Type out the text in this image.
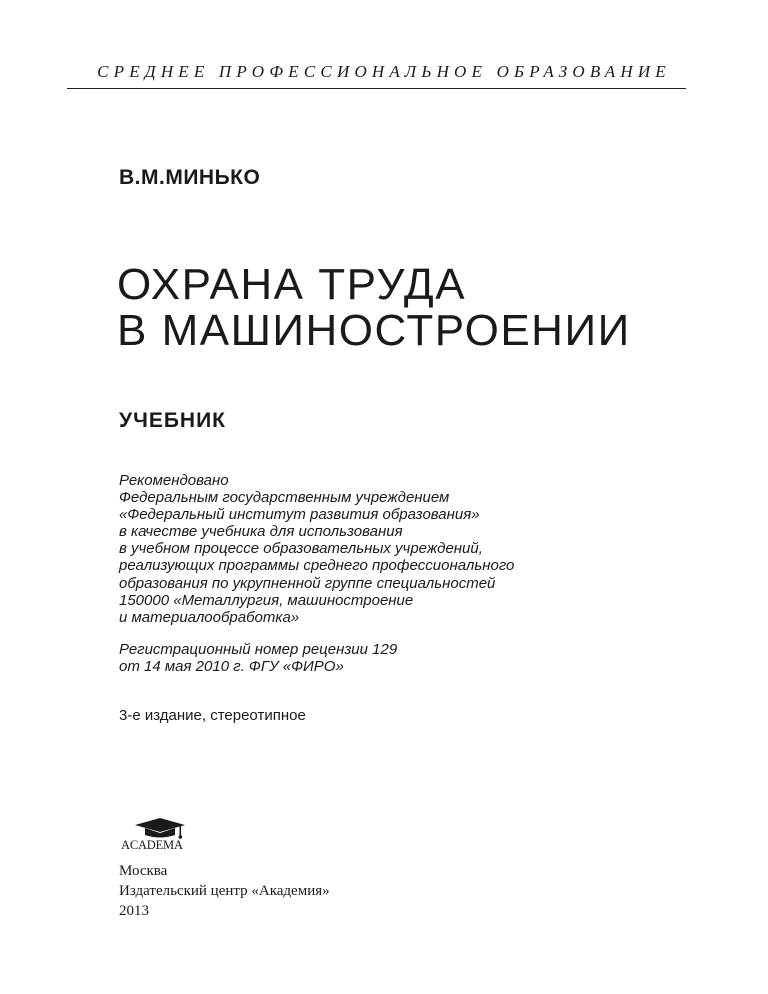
СРЕДНЕЕ ПРОФЕССИОНАЛЬНОЕ ОБРАЗОВАНИЕ
В.М.МИНЬКО
ОХРАНА ТРУДА
В МАШИНОСТРОЕНИИ
УЧЕБНИК
Рекомендовано
Федеральным государственным учреждением
«Федеральный институт развития образования»
в качестве учебника для использования
в учебном процессе образовательных учреждений,
реализующих программы среднего профессионального
образования по укрупненной группе специальностей
150000 «Металлургия, машиностроение
и материалообработка»
Регистрационный номер рецензии 129
от 14 мая 2010 г. ФГУ «ФИРО»
3-е издание, стереотипное
ACADEMA
Москва
Издательский центр «Академия»
2013
